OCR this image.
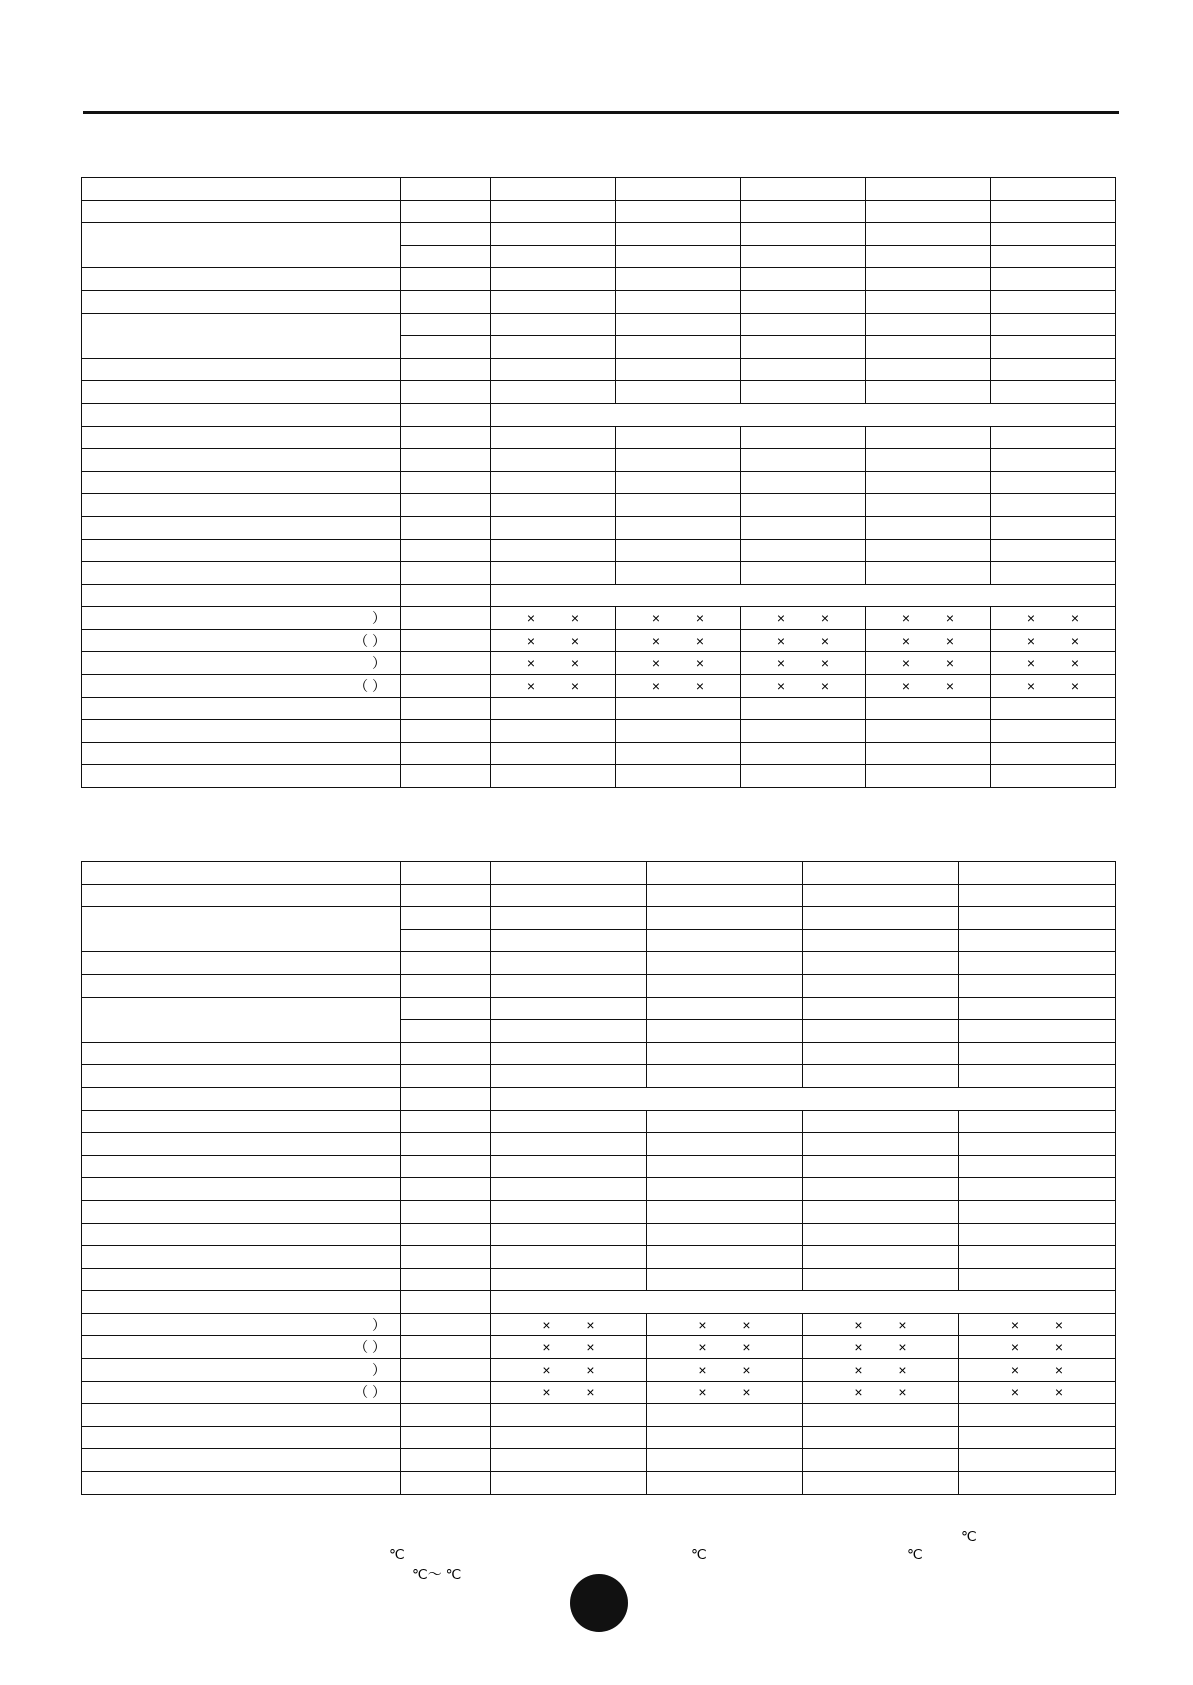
）		× ×	× ×	× ×	× ×	× ×
（ ）		× ×	× ×	× ×	× ×	× ×
）		× ×	× ×	× ×	× ×	× ×
（ ）		× ×	× ×	× ×	× ×	× ×

）		× ×	× ×	× ×	× ×
（ ）		× ×	× ×	× ×	× ×
）		× ×	× ×	× ×	× ×
（ ）		× ×	× ×	× ×	× ×

℃
℃	℃	℃
℃～ ℃
